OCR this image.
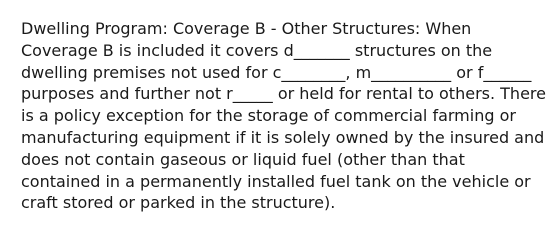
Dwelling Program: Coverage B - Other Structures: When
Coverage B is included it covers d_______ structures on the
dwelling premises not used for c________, m__________ or f______
purposes and further not r_____ or held for rental to others. There
is a policy exception for the storage of commercial farming or
manufacturing equipment if it is solely owned by the insured and
does not contain gaseous or liquid fuel (other than that
contained in a permanently installed fuel tank on the vehicle or
craft stored or parked in the structure).
